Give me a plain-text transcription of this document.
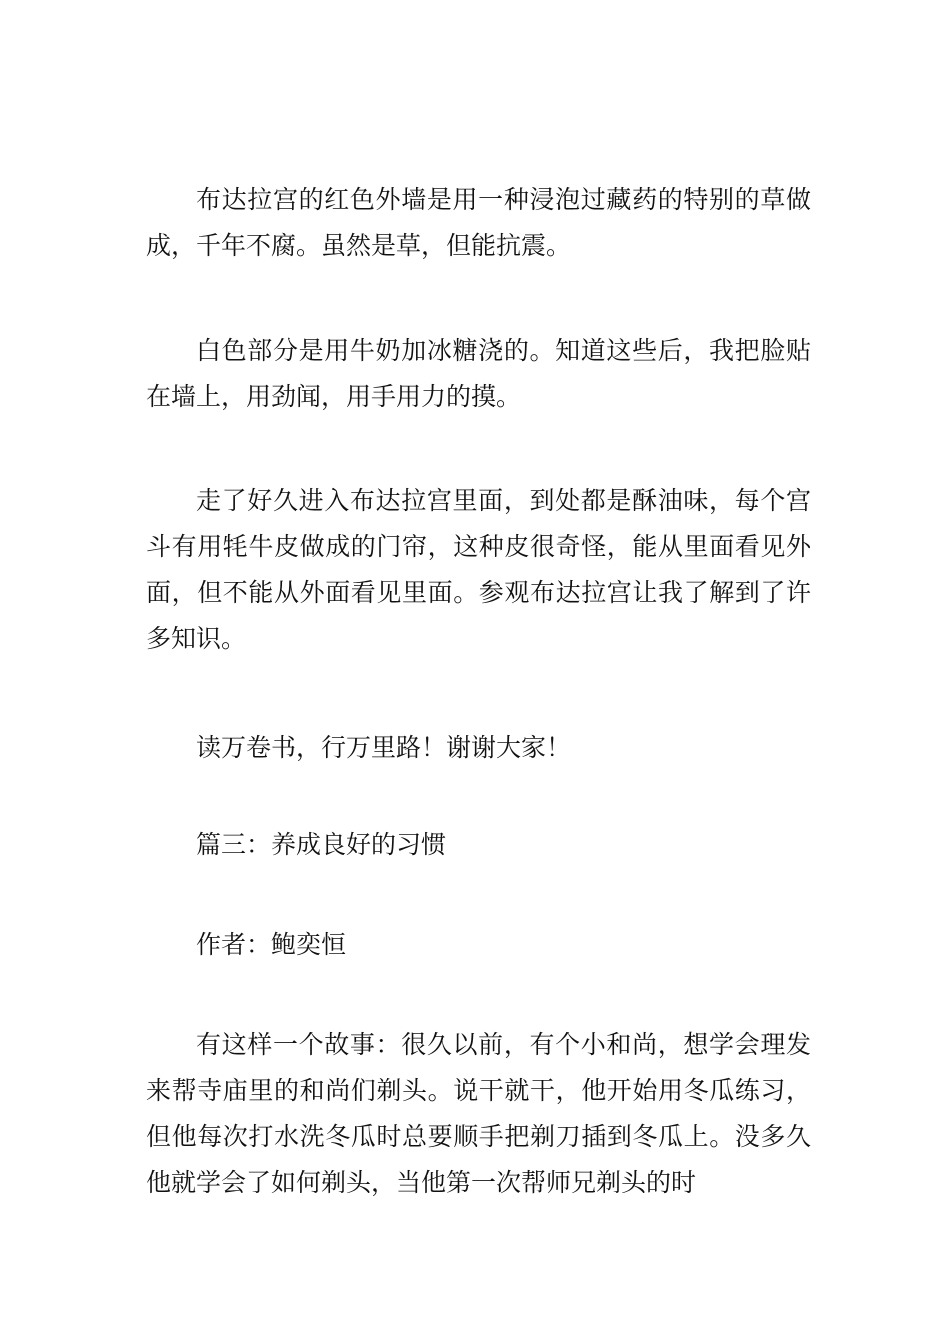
布达拉宫的红色外墙是用一种浸泡过藏药的特别的草做成，千年不腐。虽然是草，但能抗震。

白色部分是用牛奶加冰糖浇的。知道这些后，我把脸贴在墙上，用劲闻，用手用力的摸。

走了好久进入布达拉宫里面，到处都是酥油味，每个宫斗有用牦牛皮做成的门帘，这种皮很奇怪，能从里面看见外面，但不能从外面看见里面。参观布达拉宫让我了解到了许多知识。

读万卷书，行万里路！谢谢大家！

篇三：养成良好的习惯

作者：鲍奕恒

有这样一个故事：很久以前，有个小和尚，想学会理发来帮寺庙里的和尚们剃头。说干就干，他开始用冬瓜练习，但他每次打水洗冬瓜时总要顺手把剃刀插到冬瓜上。没多久他就学会了如何剃头，当他第一次帮师兄剃头的时
